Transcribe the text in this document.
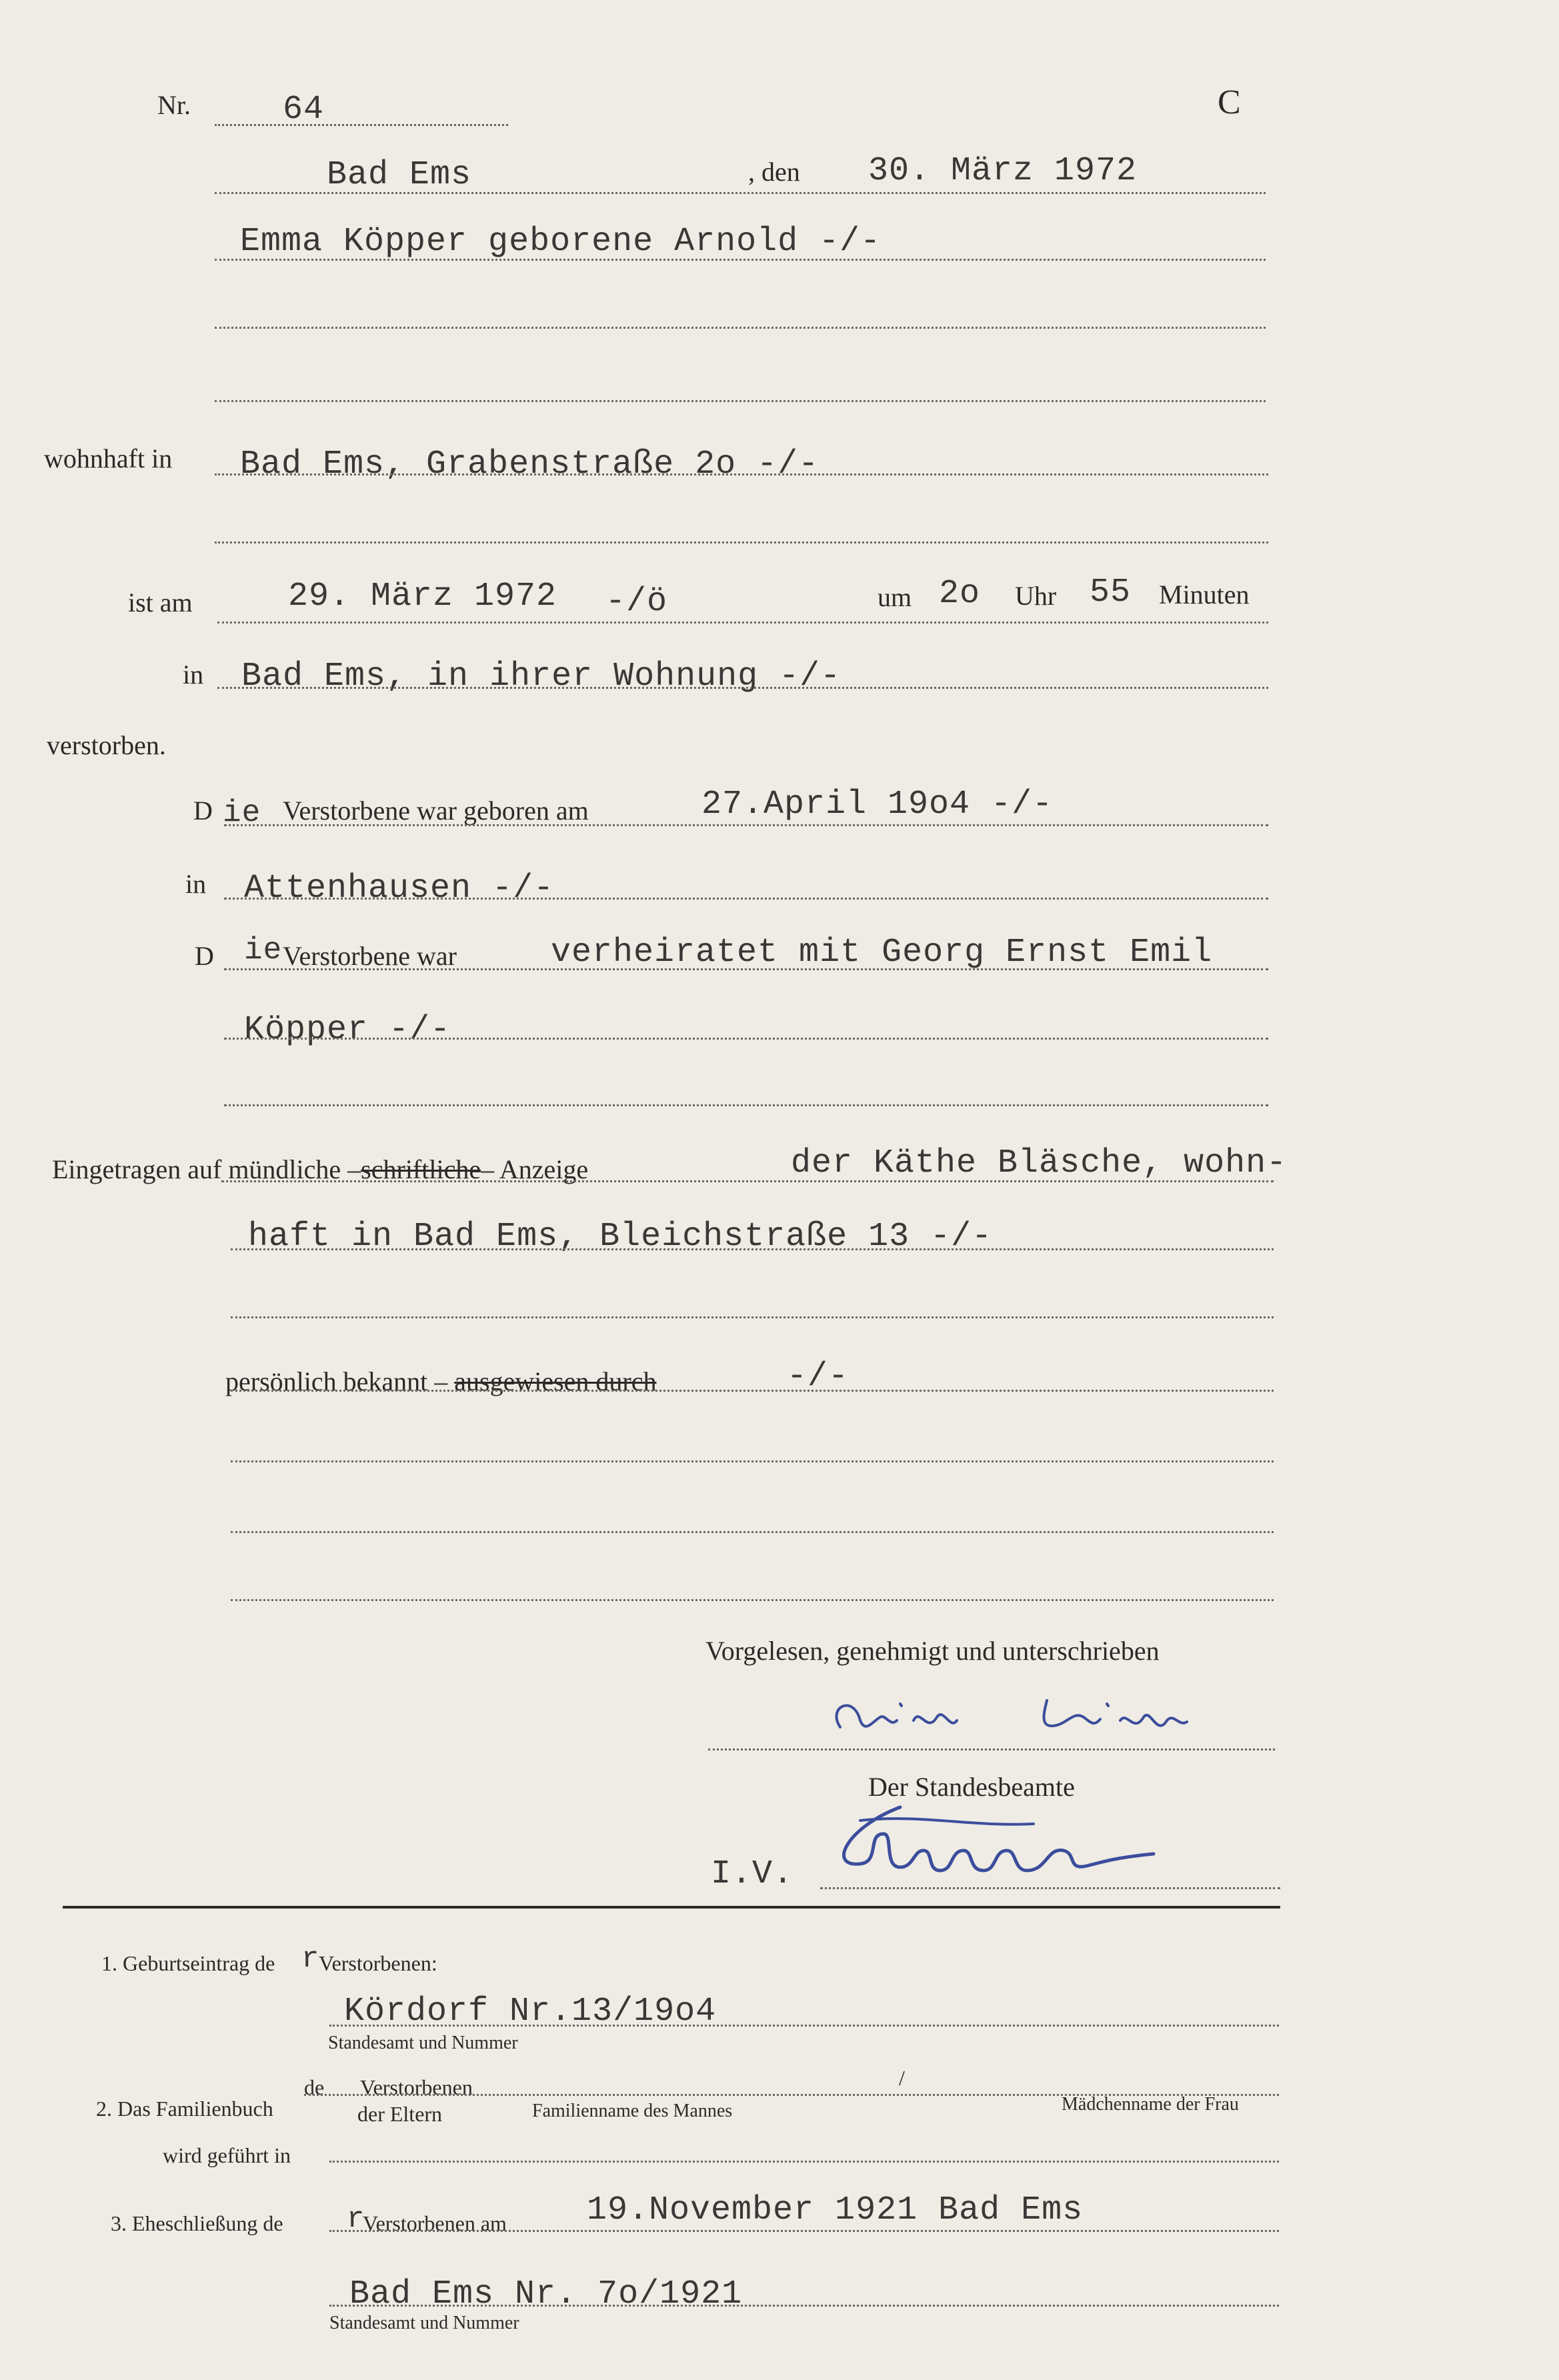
Nr.	64	C
Bad Ems	, den 30. März 1972
Emma Köpper geborene Arnold -/-
wohnhaft in Bad Ems, Grabenstraße 2o -/-
ist am	29. März 1972 -/ö	um 2o Uhr 55 Minuten
in Bad Ems, in ihrer Wohnung -/-
verstorben.
D ie Verstorbene war geboren am	27.April 19o4 -/-
in Attenhausen -/-
D ie Verstorbene war	verheiratet mit Georg Ernst Emil
Köpper -/-
Eingetragen auf mündliche –schriftliche– Anzeige	der Käthe Bläsche, wohn-
haft in Bad Ems, Bleichstraße 13 -/-
persönlich bekannt – ausgewiesen durch	-/-
Vorgelesen, genehmigt und unterschrieben
Der Standesbeamte
I.V.
1. Geburtseintrag de r
Verstorbenen:
Kördorf Nr.13/19o4
Standesamt und Nummer
de Verstorbenen	/
2. Das Familienbuch	der Eltern	Familienname des Mannes	Mädchenname der Frau
wird geführt in
3. Eheschließung de r
Verstorbenen am 19.November 1921 Bad Ems
Bad Ems Nr. 7o/1921
Standesamt und Nummer
